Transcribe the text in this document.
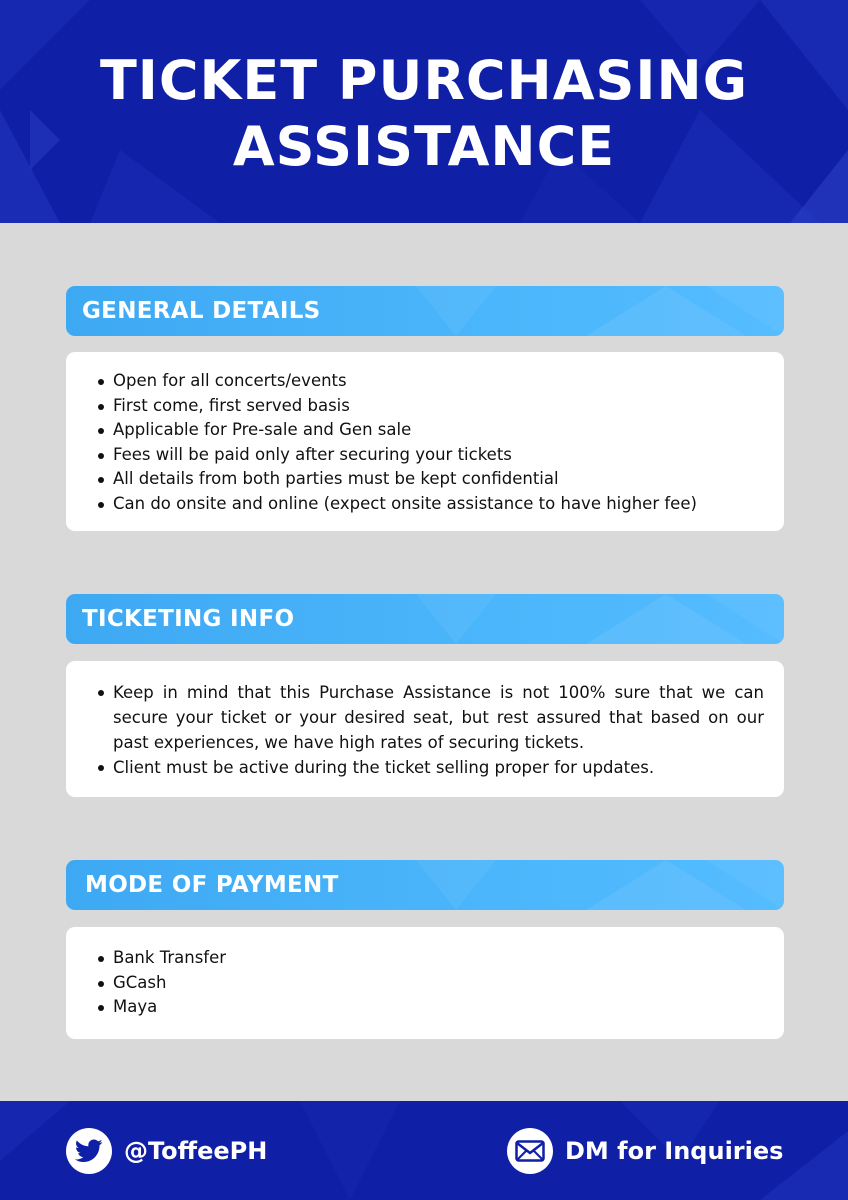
TICKET PURCHASING
ASSISTANCE
GENERAL DETAILS
Open for all concerts/events
First come, first served basis
Applicable for Pre-sale and Gen sale
Fees will be paid only after securing your tickets
All details from both parties must be kept confidential
Can do onsite and online (expect onsite assistance to have higher fee)
TICKETING INFO
Keep in mind that this Purchase Assistance is not 100% sure that we can secure your ticket or your desired seat, but rest assured that based on our past experiences, we have high rates of securing tickets.
Client must be active during the ticket selling proper for updates.
MODE OF PAYMENT
Bank Transfer
GCash
Maya
@ToffeePH	DM for Inquiries
